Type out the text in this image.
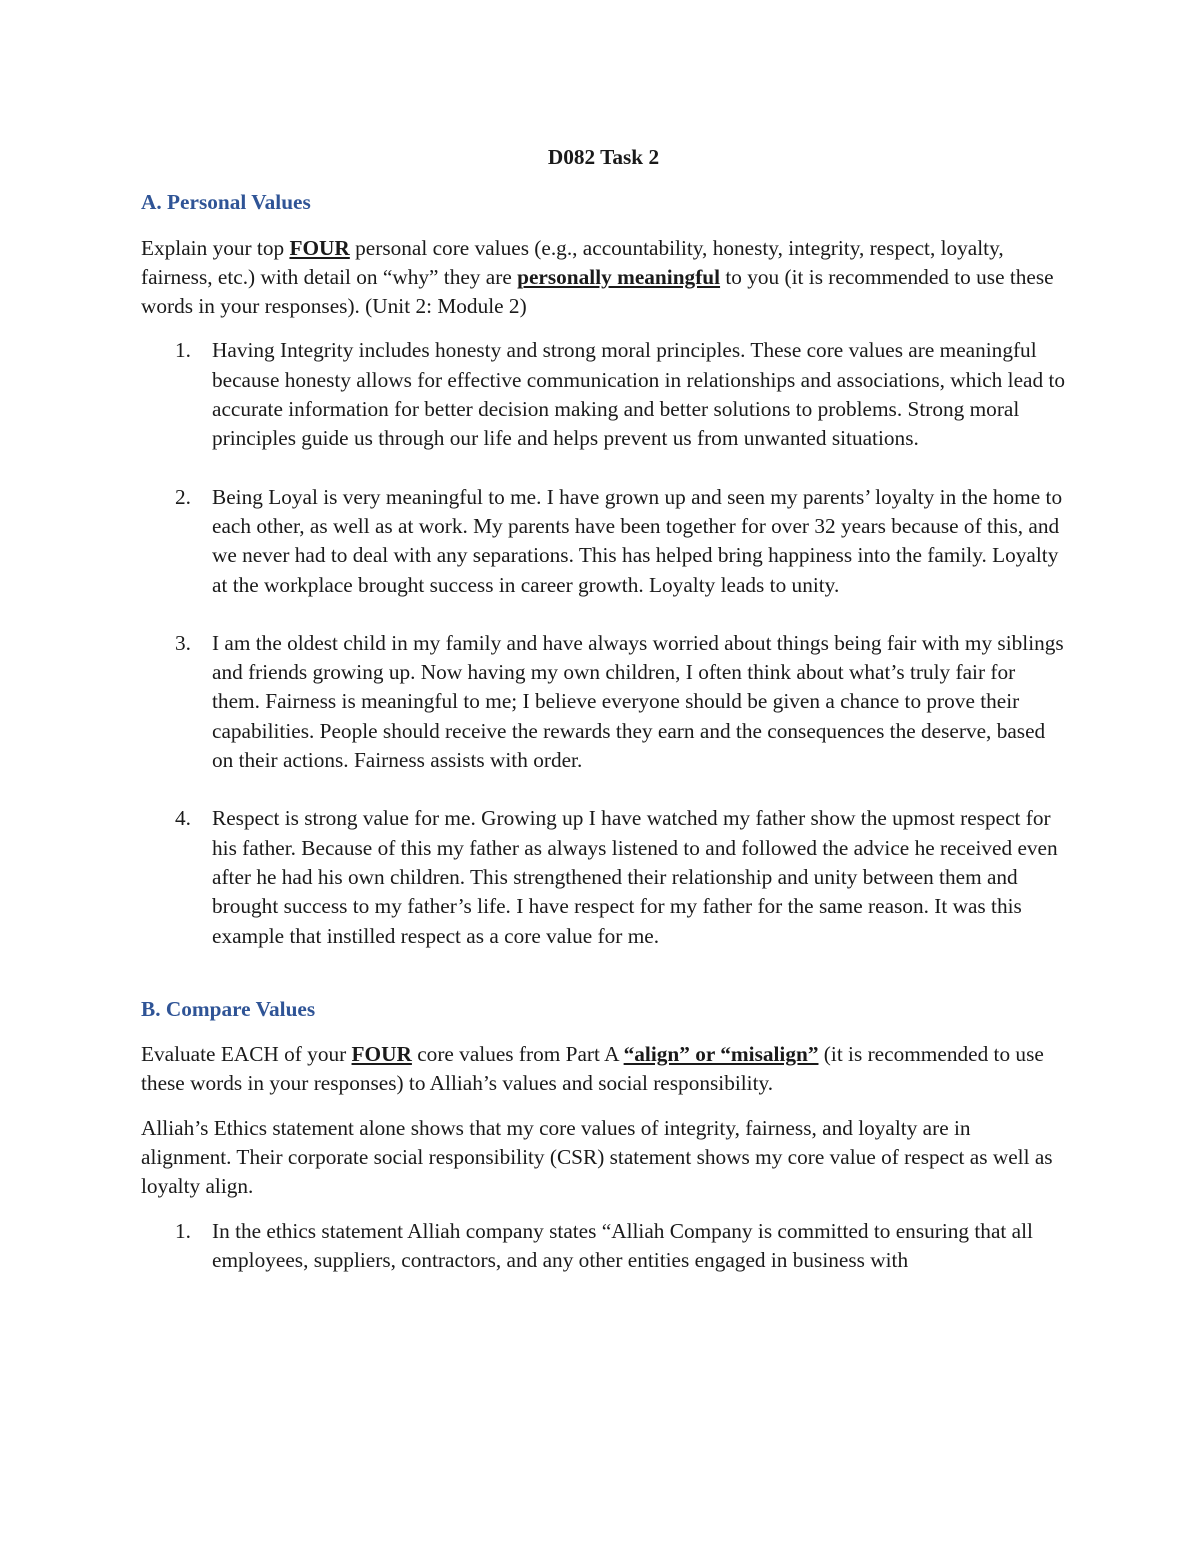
D082 Task 2
A. Personal Values
Explain your top FOUR personal core values (e.g., accountability, honesty, integrity, respect, loyalty, fairness, etc.) with detail on “why” they are personally meaningful to you (it is recommended to use these words in your responses). (Unit 2: Module 2)
1. Having Integrity includes honesty and strong moral principles. These core values are meaningful because honesty allows for effective communication in relationships and associations, which lead to accurate information for better decision making and better solutions to problems. Strong moral principles guide us through our life and helps prevent us from unwanted situations.
2. Being Loyal is very meaningful to me. I have grown up and seen my parents’ loyalty in the home to each other, as well as at work. My parents have been together for over 32 years because of this, and we never had to deal with any separations. This has helped bring happiness into the family. Loyalty at the workplace brought success in career growth. Loyalty leads to unity.
3. I am the oldest child in my family and have always worried about things being fair with my siblings and friends growing up. Now having my own children, I often think about what’s truly fair for them. Fairness is meaningful to me; I believe everyone should be given a chance to prove their capabilities. People should receive the rewards they earn and the consequences the deserve, based on their actions. Fairness assists with order.
4. Respect is strong value for me. Growing up I have watched my father show the upmost respect for his father. Because of this my father as always listened to and followed the advice he received even after he had his own children. This strengthened their relationship and unity between them and brought success to my father’s life. I have respect for my father for the same reason. It was this example that instilled respect as a core value for me.
B. Compare Values
Evaluate EACH of your FOUR core values from Part A “align” or “misalign” (it is recommended to use these words in your responses) to Alliah’s values and social responsibility.
Alliah’s Ethics statement alone shows that my core values of integrity, fairness, and loyalty are in alignment. Their corporate social responsibility (CSR) statement shows my core value of respect as well as loyalty align.
1. In the ethics statement Alliah company states “Alliah Company is committed to ensuring that all employees, suppliers, contractors, and any other entities engaged in business with
